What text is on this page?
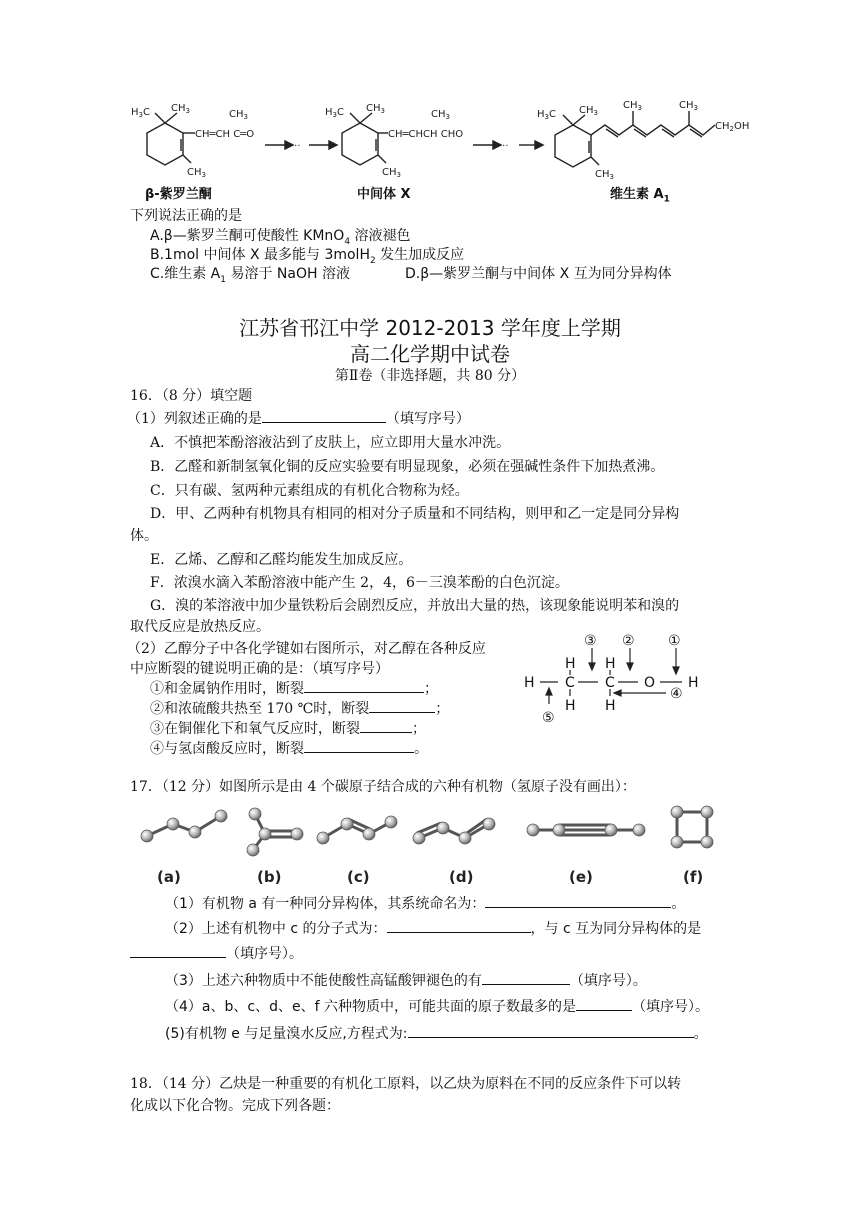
$H_3C$ $CH_3$
$CH_3$
CH═CH C═O
$CH_3$
···
$H_3C$ $CH_3$
$CH_3$
CH═CHCH CHO
$CH_3$
···
$H_3C$ $CH_3$
$CH_3$
$CH_3$	$CH_3$
$CH_2OH$
β-紫罗兰酮	中间体 X	维生素 $A_1$
下列说法正确的是
A.β—紫罗兰酮可使酸性 KMnO$_4$ 溶液褪色
B.1mol 中间体 X 最多能与 3molH$_2$ 发生加成反应
C.维生素 $A_1$ 易溶于 NaOH 溶液	D.β—紫罗兰酮与中间体 X 互为同分异构体
江苏省邗江中学 2012-2013 学年度上学期
高二化学期中试卷
第Ⅱ卷（非选择题，共 80 分）
16．（8 分）填空题
（1）列叙述正确的是	（填写序号）
A．不慎把苯酚溶液沾到了皮肤上，应立即用大量水冲洗。
B．乙醛和新制氢氧化铜的反应实验要有明显现象，必须在强碱性条件下加热煮沸。
C．只有碳、氢两种元素组成的有机化合物称为烃。
D．甲、乙两种有机物具有相同的相对分子质量和不同结构，则甲和乙一定是同分异构
体。
E．乙烯、乙醇和乙醛均能发生加成反应。
F．浓溴水滴入苯酚溶液中能产生 2，4，6－三溴苯酚的白色沉淀。
G．溴的苯溶液中加少量铁粉后会剧烈反应，并放出大量的热，该现象能说明苯和溴的
取代反应是放热反应。
（2）乙醇分子中各化学键如右图所示，对乙醇在各种反应
中应断裂的键说明正确的是：（填写序号）
①和金属钠作用时，断裂	；
②和浓硫酸共热至 170 ℃时，断裂	；
③在铜催化下和氧气反应时，断裂	；
④与氢卤酸反应时，断裂	。
H C C O H
H H
H H
③ ② ①
④
⑤
17．（12 分）如图所示是由 4 个碳原子结合成的六种有机物（氢原子没有画出）：
(a)	(b)	(c)	(d)	(e)	(f)
（1）有机物 a 有一种同分异构体，其系统命名为：	。
（2）上述有机物中 c 的分子式为：	，与 c 互为同分异构体的是
（填序号）。
（3）上述六种物质中不能使酸性高锰酸钾褪色的有	（填序号）。
（4）a、b、c、d、e、f 六种物质中，可能共面的原子数最多的是	（填序号）。
(5)有机物 e 与足量溴水反应,方程式为:	。
18．（14 分）乙炔是一种重要的有机化工原料，以乙炔为原料在不同的反应条件下可以转
化成以下化合物。完成下列各题：
